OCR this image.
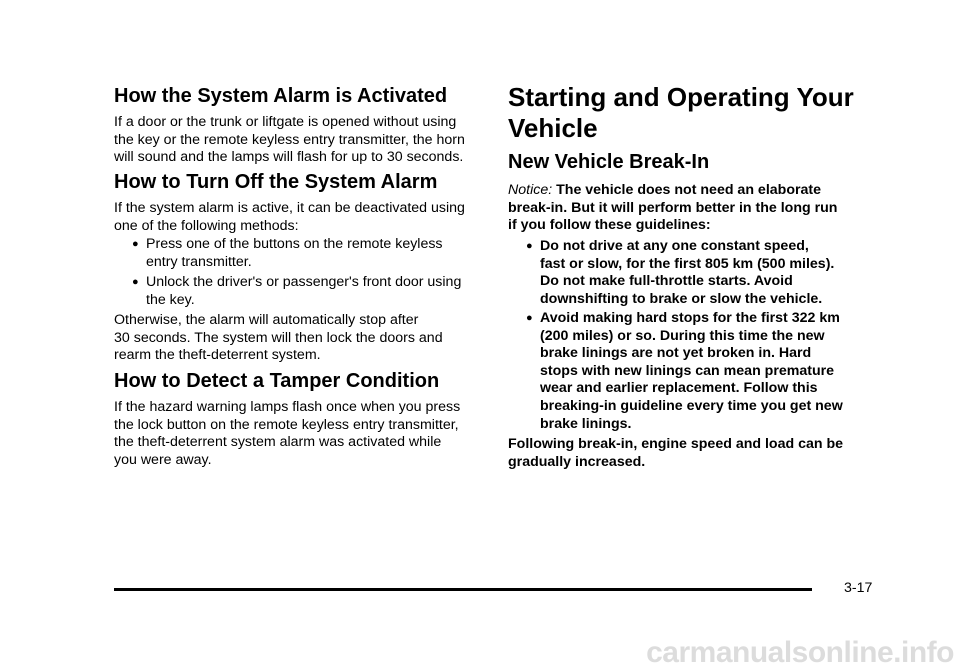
How the System Alarm is Activated
If a door or the trunk or liftgate is opened without using
the key or the remote keyless entry transmitter, the horn
will sound and the lamps will flash for up to 30 seconds.
How to Turn Off the System Alarm
If the system alarm is active, it can be deactivated using
one of the following methods:
● Press one of the buttons on the remote keyless
entry transmitter.
● Unlock the driver's or passenger's front door using
the key.
Otherwise, the alarm will automatically stop after
30 seconds. The system will then lock the doors and
rearm the theft-deterrent system.
How to Detect a Tamper Condition
If the hazard warning lamps flash once when you press
the lock button on the remote keyless entry transmitter,
the theft-deterrent system alarm was activated while
you were away.
Starting and Operating Your
Vehicle
New Vehicle Break-In
Notice: The vehicle does not need an elaborate
break-in. But it will perform better in the long run
if you follow these guidelines:
● Do not drive at any one constant speed,
fast or slow, for the first 805 km (500 miles).
Do not make full-throttle starts. Avoid
downshifting to brake or slow the vehicle.
● Avoid making hard stops for the first 322 km
(200 miles) or so. During this time the new
brake linings are not yet broken in. Hard
stops with new linings can mean premature
wear and earlier replacement. Follow this
breaking-in guideline every time you get new
brake linings.
Following break-in, engine speed and load can be
gradually increased.
3-17
carmanualsonline.info
